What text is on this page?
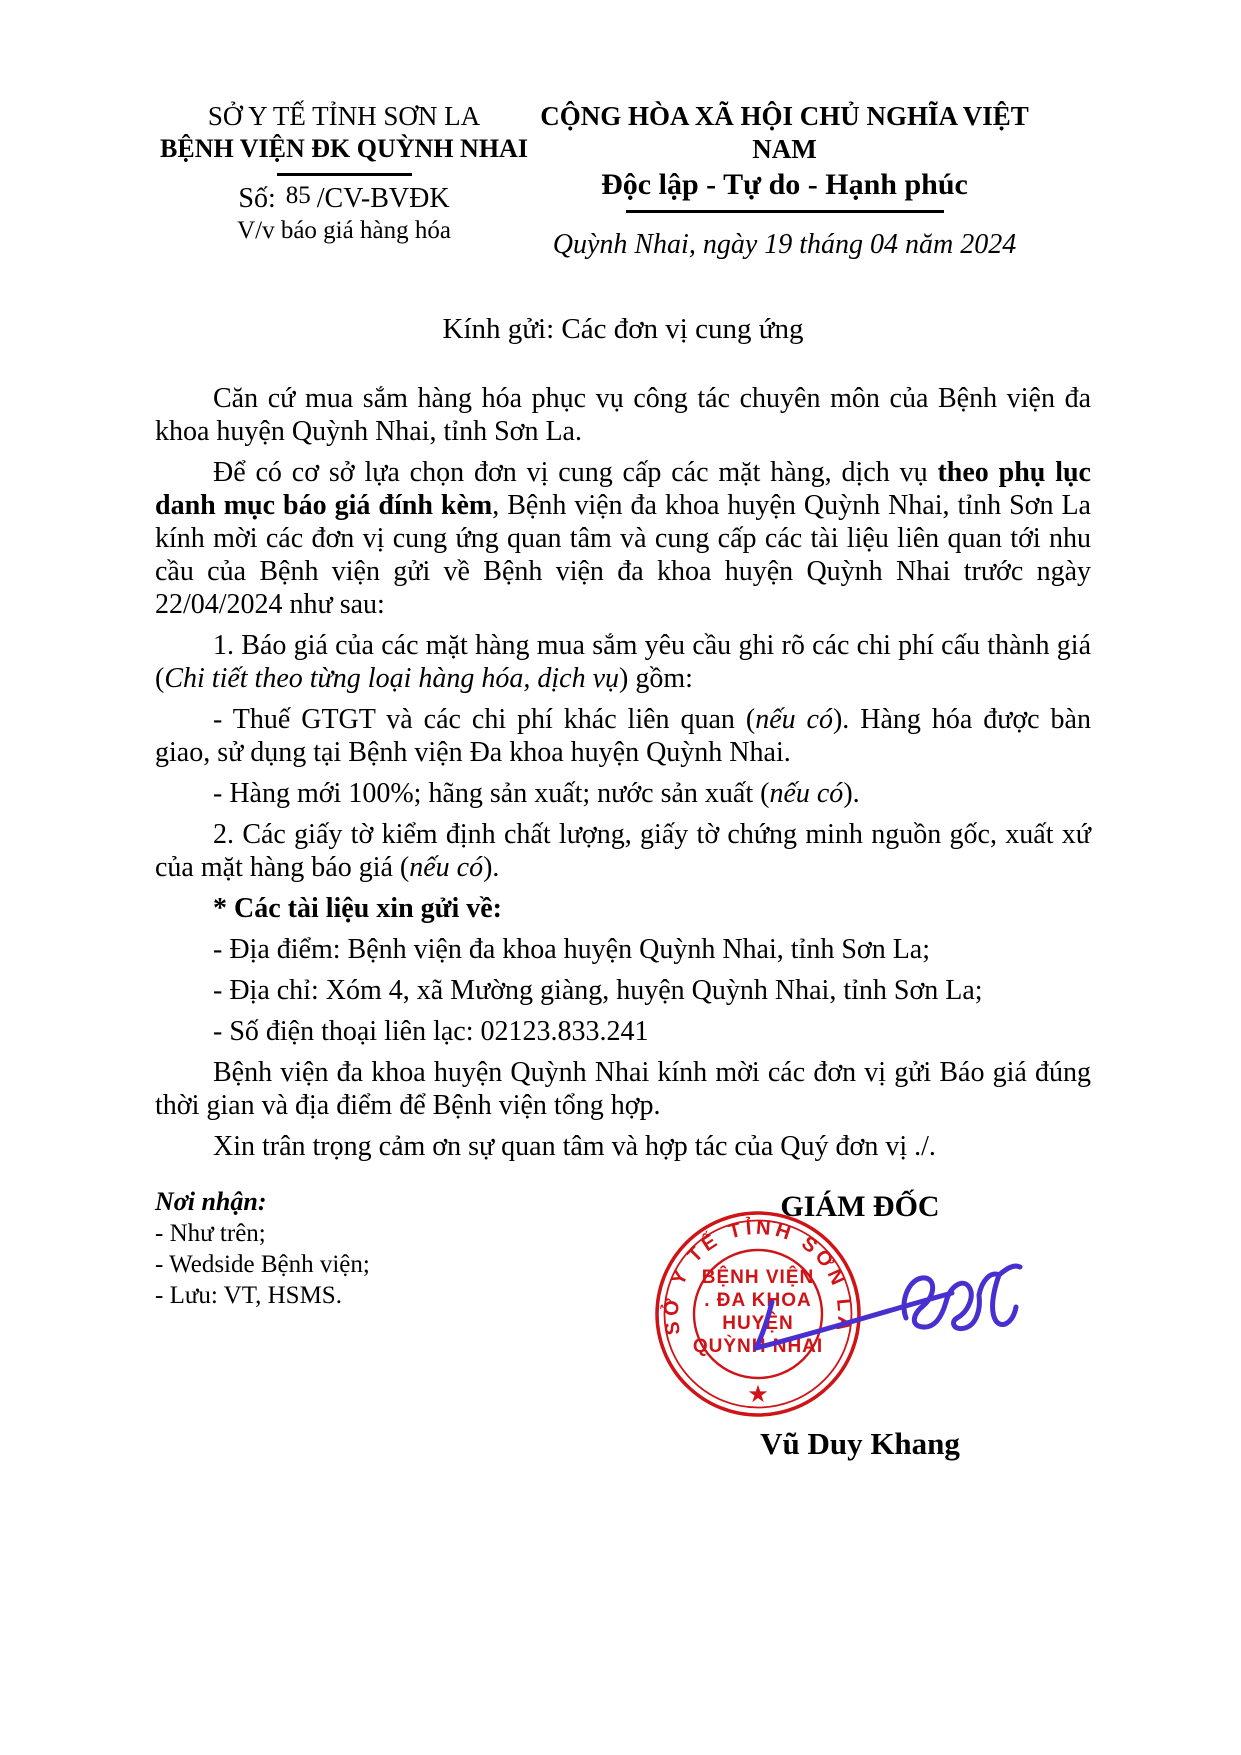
SỞ Y TẾ TỈNH SƠN LA
BỆNH VIỆN ĐK QUỲNH NHAI
Số: 85 /CV-BVĐK
V/v báo giá hàng hóa
CỘNG HÒA XÃ HỘI CHỦ NGHĨA VIỆT NAM
Độc lập - Tự do - Hạnh phúc
Quỳnh Nhai, ngày 19 tháng 04 năm 2024
Kính gửi: Các đơn vị cung ứng

Căn cứ mua sắm hàng hóa phục vụ công tác chuyên môn của Bệnh viện đa khoa huyện Quỳnh Nhai, tỉnh Sơn La.

Để có cơ sở lựa chọn đơn vị cung cấp các mặt hàng, dịch vụ theo phụ lục danh mục báo giá đính kèm, Bệnh viện đa khoa huyện Quỳnh Nhai, tỉnh Sơn La kính mời các đơn vị cung ứng quan tâm và cung cấp các tài liệu liên quan tới nhu cầu của Bệnh viện gửi về Bệnh viện đa khoa huyện Quỳnh Nhai trước ngày 22/04/2024 như sau:

1. Báo giá của các mặt hàng mua sắm yêu cầu ghi rõ các chi phí cấu thành giá (Chi tiết theo từng loại hàng hóa, dịch vụ) gồm:

- Thuế GTGT và các chi phí khác liên quan (nếu có). Hàng hóa được bàn giao, sử dụng tại Bệnh viện Đa khoa huyện Quỳnh Nhai.

- Hàng mới 100%; hãng sản xuất; nước sản xuất (nếu có).

2. Các giấy tờ kiểm định chất lượng, giấy tờ chứng minh nguồn gốc, xuất xứ của mặt hàng báo giá (nếu có).

* Các tài liệu xin gửi về:

- Địa điểm: Bệnh viện đa khoa huyện Quỳnh Nhai, tỉnh Sơn La;

- Địa chỉ: Xóm 4, xã Mường giàng, huyện Quỳnh Nhai, tỉnh Sơn La;

- Số điện thoại liên lạc: 02123.833.241

Bệnh viện đa khoa huyện Quỳnh Nhai kính mời các đơn vị gửi Báo giá đúng thời gian và địa điểm để Bệnh viện tổng hợp.

Xin trân trọng cảm ơn sự quan tâm và hợp tác của Quý đơn vị ./.

Nơi nhận:
- Như trên;
- Wedside Bệnh viện;
- Lưu: VT, HSMS.
GIÁM ĐỐC
Vũ Duy Khang
SỞ Y TẾ TỈNH SƠN LA
BỆNH VIỆN
. ĐA KHOA
HUYỆN
QUỲNH NHAI
★
